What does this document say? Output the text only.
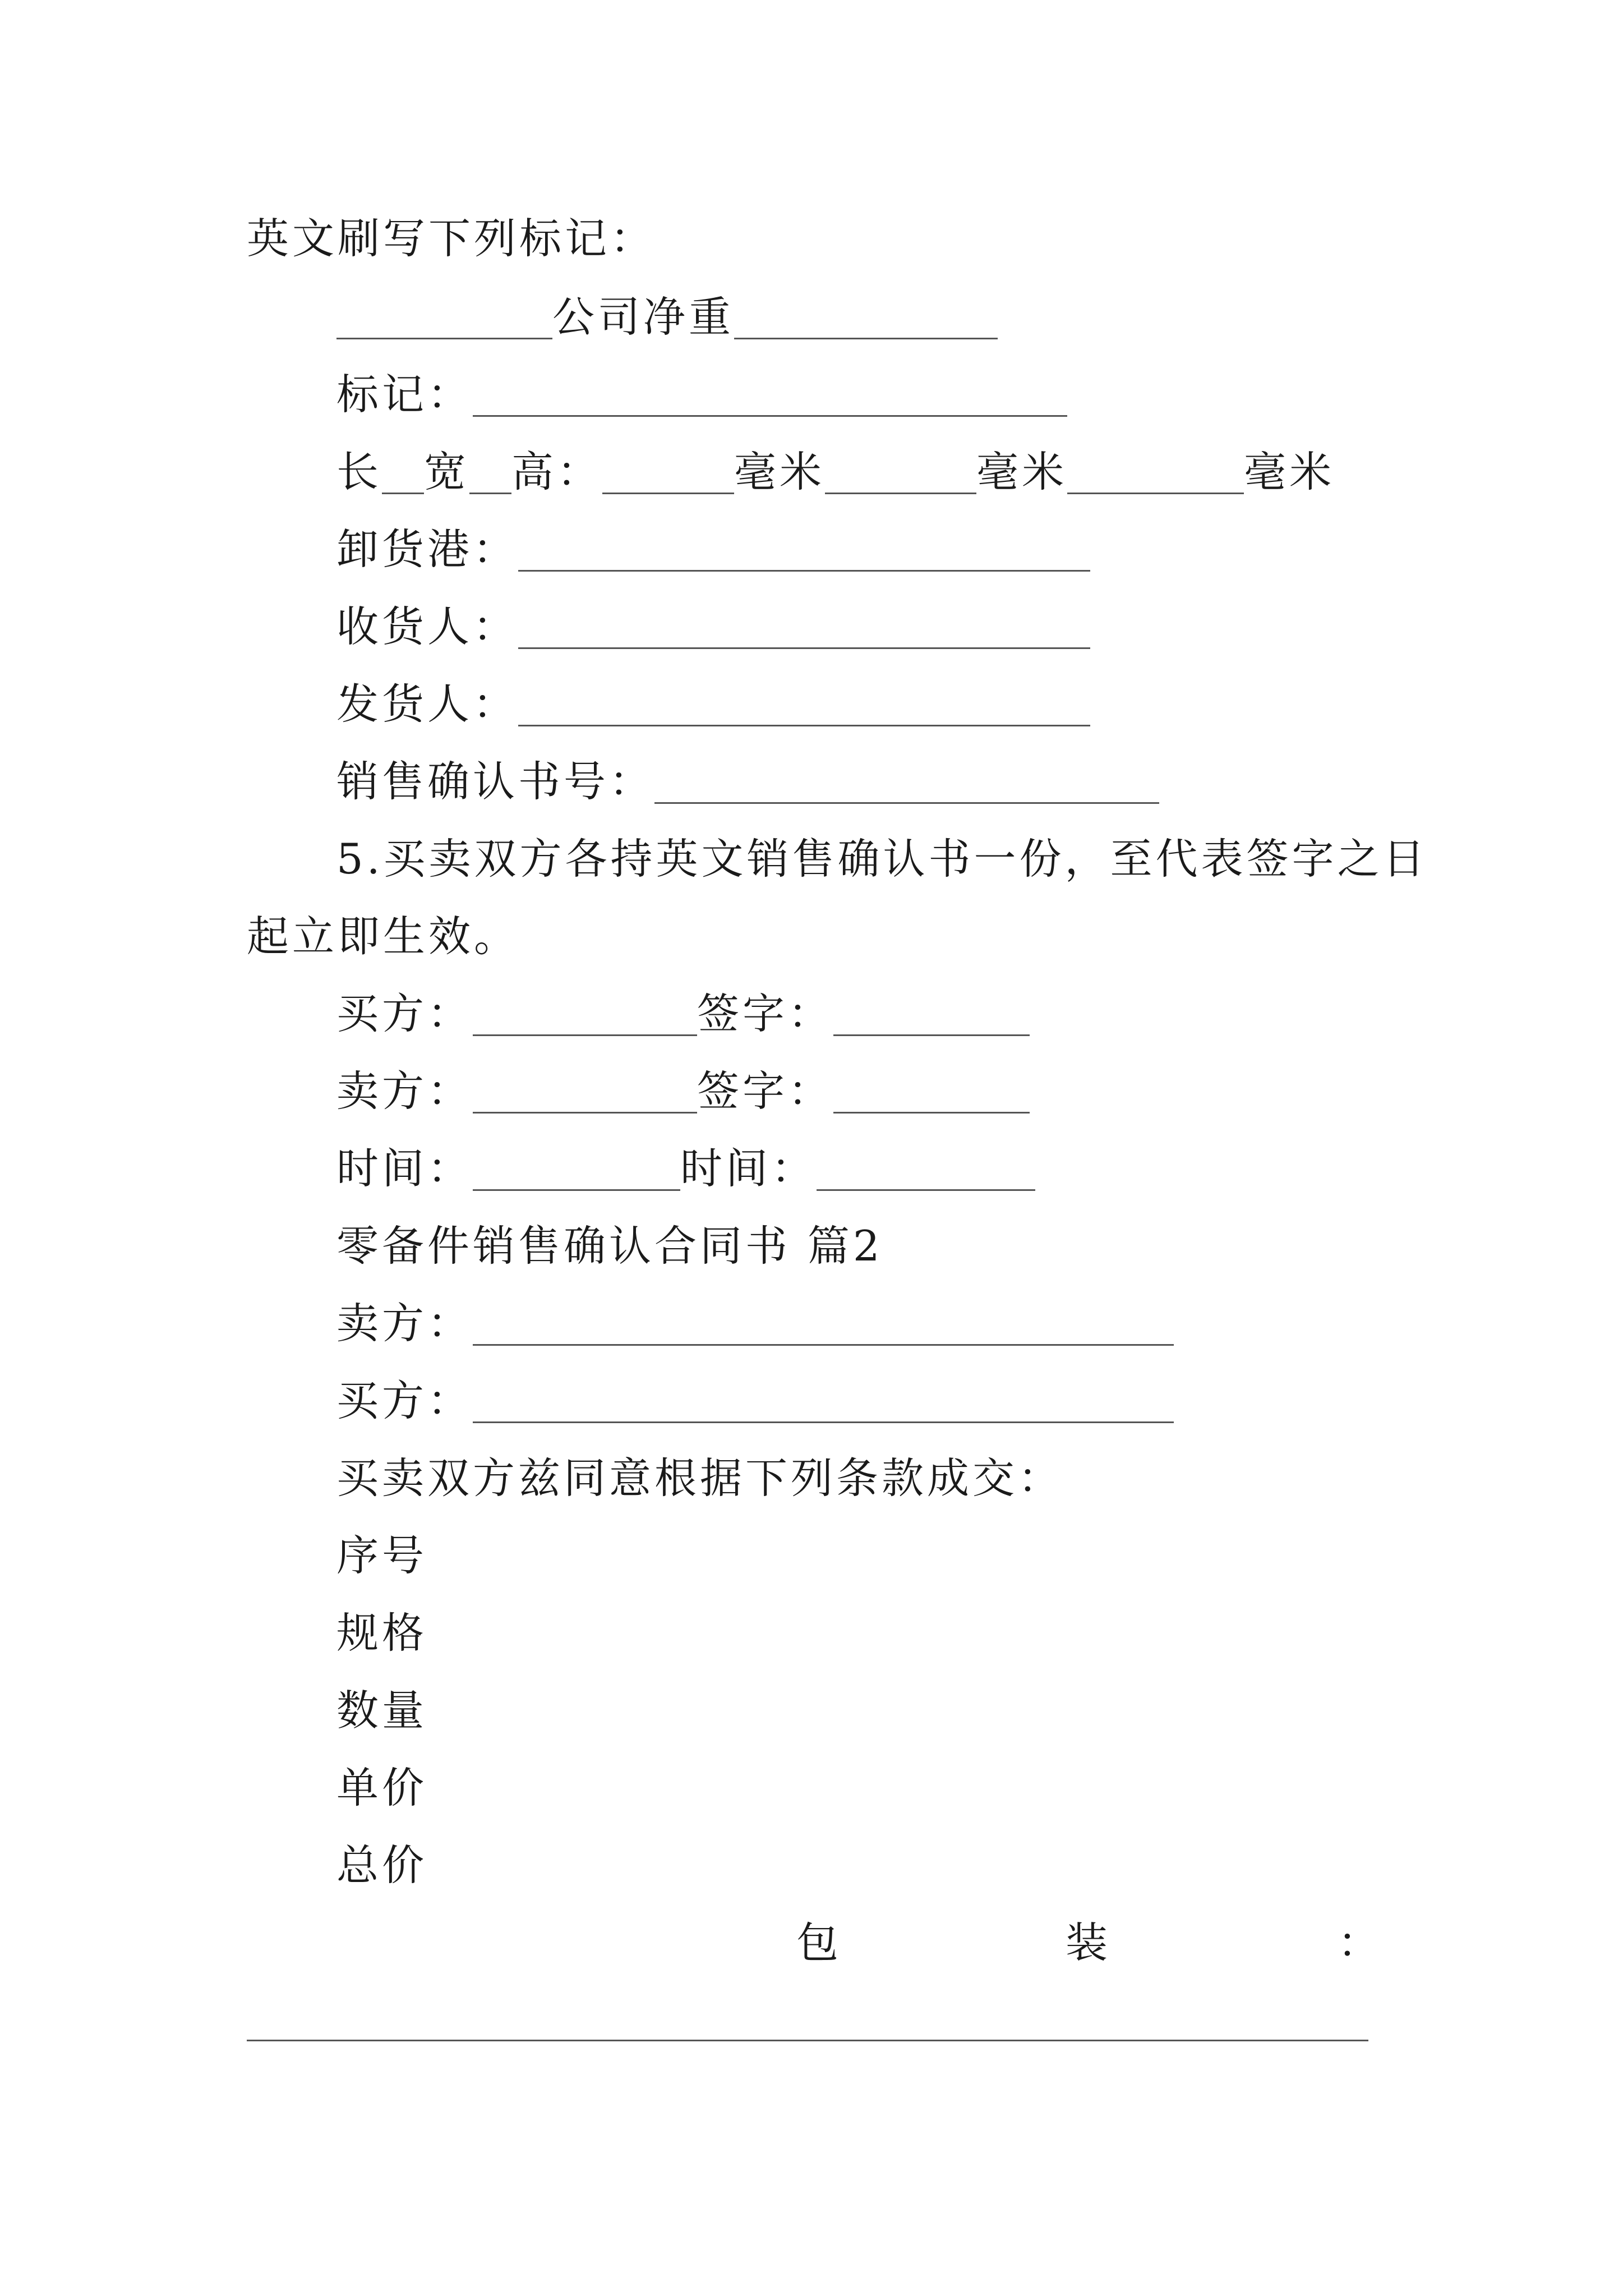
英文刷写下列标记：
公司净重
标记：
长 宽 高：	毫米	毫米	毫米
卸货港：
收货人：
发货人：
销售确认书号：
5.买卖双方各持英文销售确认书一份，至代表签字之日
起立即生效。
买方：	签字：
卖方：	签字：
时间：	时间：
零备件销售确认合同书 篇2
卖方：
买方：
买卖双方兹同意根据下列条款成交：
序号
规格
数量
单价
总价
包	装	：
